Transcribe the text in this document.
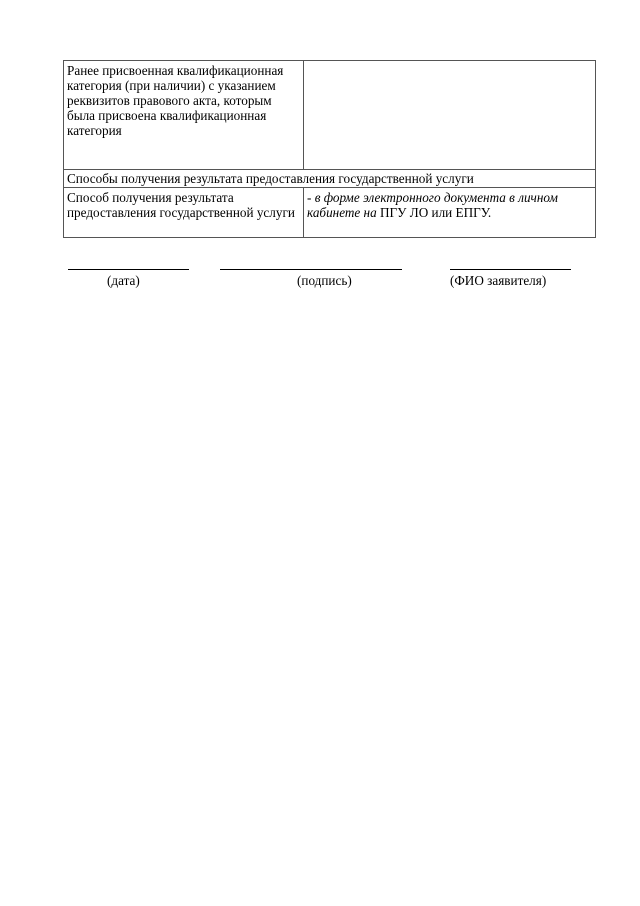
Ранее присвоенная квалификационная категория (при наличии) с указанием реквизитов правового акта, которым была присвоена квалификационная категория	
Способы получения результата предоставления государственной услуги	
Способ получения результата предоставления государственной услуги	- в форме электронного документа в личном кабинете на ПГУ ЛО или ЕПГУ.
(дата)	(подпись)	(ФИО заявителя)
